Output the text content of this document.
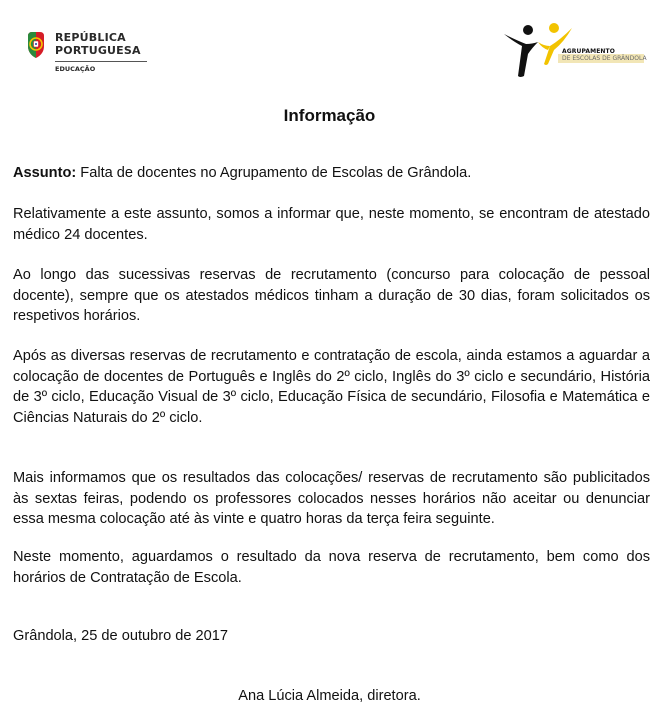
REPÚBLICA
PORTUGUESA
EDUCAÇÃO
AGRUPAMENTO
DE ESCOLAS DE GRÂNDOLA
Informação
Assunto: Falta de docentes no Agrupamento de Escolas de Grândola.
Relativamente a este assunto, somos a informar que, neste momento, se encontram de atestado médico 24 docentes.
Ao longo das sucessivas reservas de recrutamento (concurso para colocação de pessoal docente), sempre que os atestados médicos tinham a duração de 30 dias, foram solicitados os respetivos horários.
Após as diversas reservas de recrutamento e contratação de escola, ainda estamos a aguardar a colocação de docentes de Português e Inglês do 2º ciclo, Inglês do 3º ciclo e secundário, História de 3º ciclo, Educação Visual de 3º ciclo, Educação Física de secundário, Filosofia e Matemática e Ciências Naturais do 2º ciclo.
Mais informamos que os resultados das colocações/ reservas de recrutamento são publicitados às sextas feiras, podendo os professores colocados nesses horários não aceitar ou denunciar essa mesma colocação até às vinte e quatro horas da terça feira seguinte.
Neste momento, aguardamos o resultado da nova reserva de recrutamento, bem como dos horários de Contratação de Escola.
Grândola, 25 de outubro de 2017
Ana Lúcia Almeida, diretora.
